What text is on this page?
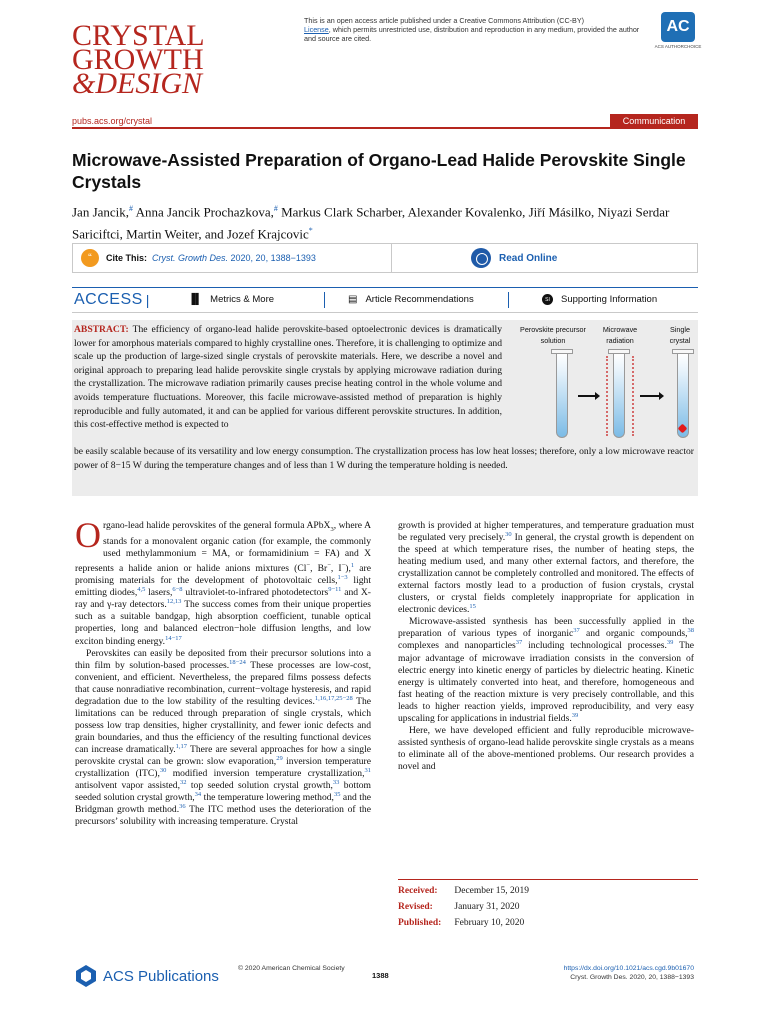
CRYSTAL
GROWTH
&DESIGN
This is an open access article published under a Creative Commons Attribution (CC-BY)
License, which permits unrestricted use, distribution and reproduction in any medium, provided the author and source are cited.
AC
ACS AUTHORCHOICE
pubs.acs.org/crystal	Communication
Microwave-Assisted Preparation of Organo-Lead Halide Perovskite Single Crystals
Jan Jancik,# Anna Jancik Prochazkova,# Markus Clark Scharber, Alexander Kovalenko, Jiří Másilko, Niyazi Serdar Sariciftci, Martin Weiter, and Jozef Krajcovic*
“	Cite This: Cryst. Growth Des. 2020, 20, 1388−1393	Read Online
ACCESS |	▐▌ Metrics & More	▤ Article Recommendations	SI	Supporting Information
ABSTRACT: The efficiency of organo-lead halide perovskite-based optoelectronic devices is dramatically lower for amorphous materials compared to highly crystalline ones. Therefore, it is challenging to optimize and scale up the production of large-sized single crystals of perovskite materials. Here, we describe a novel and original approach to preparing lead halide perovskite single crystals by applying microwave radiation during the crystallization. The microwave radiation primarily causes precise heating control in the whole volume and avoids temperature fluctuations. Moreover, this facile microwave-assisted method of preparation is highly reproducible and fully automated, it and can be applied for various different perovskite structures. In addition, this cost-effective method is expected to
be easily scalable because of its versatility and low energy consumption. The crystallization process has low heat losses; therefore, only a low microwave reactor power of 8−15 W during the temperature changes and of less than 1 W during the temperature holding is needed.
Perovskite precursor solution
Microwave radiation
Single crystal

Organo-lead halide perovskites of the general formula APbX$_3$, where A stands for a monovalent organic cation (for example, the commonly used methylammonium = MA, or formamidinium = FA) and X represents a halide anion or halide anions mixtures (Cl−, Br−, I−),$^1$ are promising materials for the development of photovoltaic cells,$^{1-3}$ light emitting diodes,$^{4,5}$ lasers,$^{6-8}$ ultraviolet-to-infrared photodetectors$^{9-11}$ and X-ray and γ-ray detectors.$^{12,13}$ The success comes from their unique properties such as a suitable bandgap, high absorption coefficient, tunable optical properties, long and balanced electron−hole diffusion lengths, and low exciton binding energy.$^{14-17}$

Perovskites can easily be deposited from their precursor solutions into a thin film by solution-based processes.$^{18-24}$ These processes are low-cost, convenient, and efficient. Nevertheless, the prepared films possess defects that cause nonradiative recombination, current−voltage hysteresis, and rapid degradation due to the low stability of the resulting devices.$^{1,16,17,25-28}$ The limitations can be reduced through preparation of single crystals, which possess low trap densities, higher crystallinity, and fewer ionic defects and grain boundaries, and thus the efficiency of the resulting functional devices can increase dramatically.$^{1,17}$ There are several approaches for how a single perovskite crystal can be grown: slow evaporation,$^{29}$ inversion temperature crystallization (ITC),$^{30}$ modified inversion temperature crystallization,$^{31}$ antisolvent vapor assisted,$^{32}$ top seeded solution crystal growth,$^{33}$ bottom seeded solution crystal growth,$^{34}$ the temperature lowering method,$^{35}$ and the Bridgman growth method.$^{36}$ The ITC method uses the deterioration of the precursors’ solubility with increasing temperature. Crystal

growth is provided at higher temperatures, and temperature graduation must be regulated very precisely.$^{30}$ In general, the crystal growth is dependent on the speed at which temperature rises, the number of heating steps, the heating medium used, and many other external factors, and therefore, the crystallization cannot be completely controlled and monitored. The effects of external factors mostly lead to a production of fusion crystals, crystal clusters, or crystal fields completely inappropriate for application in electronic devices.$^{15}$

Microwave-assisted synthesis has been successfully applied in the preparation of various types of inorganic$^{37}$ and organic compounds,$^{38}$ complexes and nanoparticles$^{37}$ including technological processes.$^{39}$ The major advantage of microwave irradiation consists in the conversion of electric energy into kinetic energy of particles by dielectric heating. Kinetic energy is ultimately converted into heat, and therefore, homogeneous and fast heating of the reaction mixture is very precisely controllable, and this leads to higher reaction yields, improved reproducibility, and very easy upscaling for applications in industrial fields.$^{39}$

Here, we have developed efficient and fully reproducible microwave-assisted synthesis of organo-lead halide perovskite single crystals as a means to eliminate all of the above-mentioned problems. Our research provides a novel and

Received: December 15, 2019
Revised: January 31, 2020
Published: February 10, 2020
ACS Publications	© 2020 American Chemical Society
1388
https://dx.doi.org/10.1021/acs.cgd.9b01670
Cryst. Growth Des. 2020, 20, 1388−1393
